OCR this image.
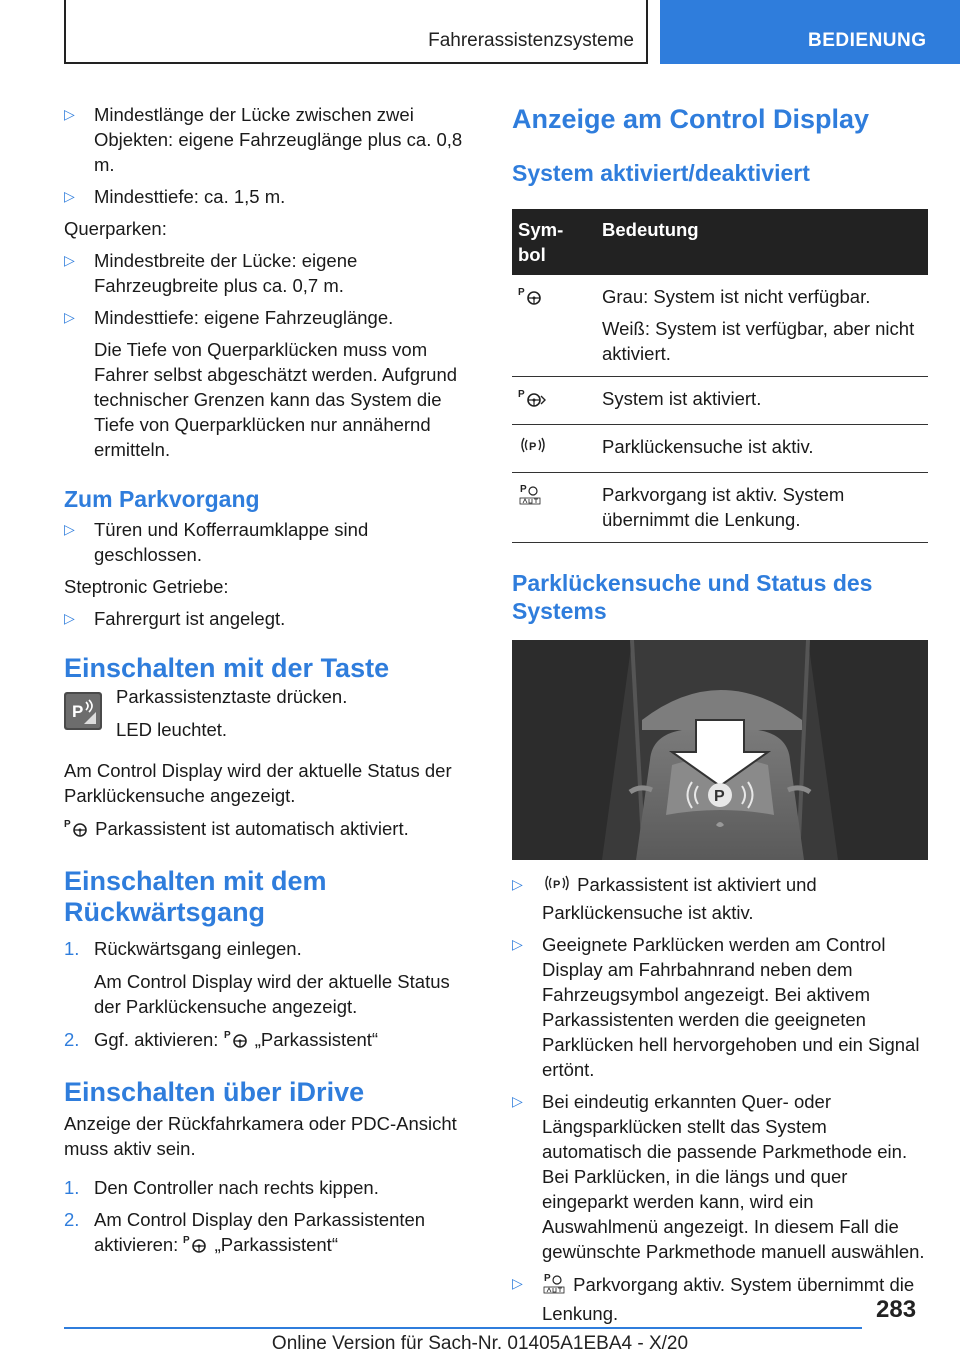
Fahrerassistenzsysteme	BEDIENUNG

▷ Mindestlänge der Lücke zwischen zwei Objekten: eigene Fahrzeuglänge plus ca. 0,8 m.

▷ Mindesttiefe: ca. 1,5 m.

Querparken:

▷ Mindestbreite der Lücke: eigene Fahrzeugbreite plus ca. 0,7 m.

▷ Mindesttiefe: eigene Fahrzeuglänge.

Die Tiefe von Querparklücken muss vom Fahrer selbst abgeschätzt werden. Aufgrund technischer Grenzen kann das System die Tiefe von Querparklücken nur annähernd ermitteln.

Zum Parkvorgang

▷ Türen und Kofferraumklappe sind geschlossen.

Steptronic Getriebe:

▷ Fahrergurt ist angelegt.

Einschalten mit der Taste

P

Parkassistenztaste drücken.

LED leuchtet.

Am Control Display wird der aktuelle Status der Parklückensuche angezeigt.

P Parkassistent ist automatisch aktiviert.

Einschalten mit dem Rückwärtsgang

1. Rückwärtsgang einlegen.

Am Control Display wird der aktuelle Status der Parklückensuche angezeigt.

2. Ggf. aktivieren: P „Parkassistent“

Einschalten über iDrive

Anzeige der Rückfahrkamera oder PDC-Ansicht muss aktiv sein.

1. Den Controller nach rechts kippen.

2. Am Control Display den Parkassistenten aktivieren: P „Parkassistent“

Anzeige am Control Display

System aktiviert/deaktiviert

Sym-
bol	Bedeutung

P	Grau: System ist nicht verfügbar.

Weiß: System ist verfügbar, aber nicht aktiviert.

P	System ist aktiviert.

P	Parklückensuche ist aktiv.

P	Parkvorgang ist aktiv. System übernimmt die Lenkung.

Parklückensuche und Status des Systems

P

▷ P Parkassistent ist aktiviert und Parklückensuche ist aktiv.

▷ Geeignete Parklücken werden am Control Display am Fahrbahnrand neben dem Fahrzeugsymbol angezeigt. Bei aktivem Parkassistenten werden die geeigneten Parklücken hell hervorgehoben und ein Signal ertönt.

▷ Bei eindeutig erkannten Quer- oder Längsparklücken stellt das System automatisch die passende Parkmethode ein. Bei Parklücken, in die längs und quer eingeparkt werden kann, wird ein Auswahlmenü angezeigt. In diesem Fall die gewünschte Parkmethode manuell auswählen.

▷ P Parkvorgang aktiv. System übernimmt die Lenkung.	283
Online Version für Sach-Nr. 01405A1EBA4 - X/20
